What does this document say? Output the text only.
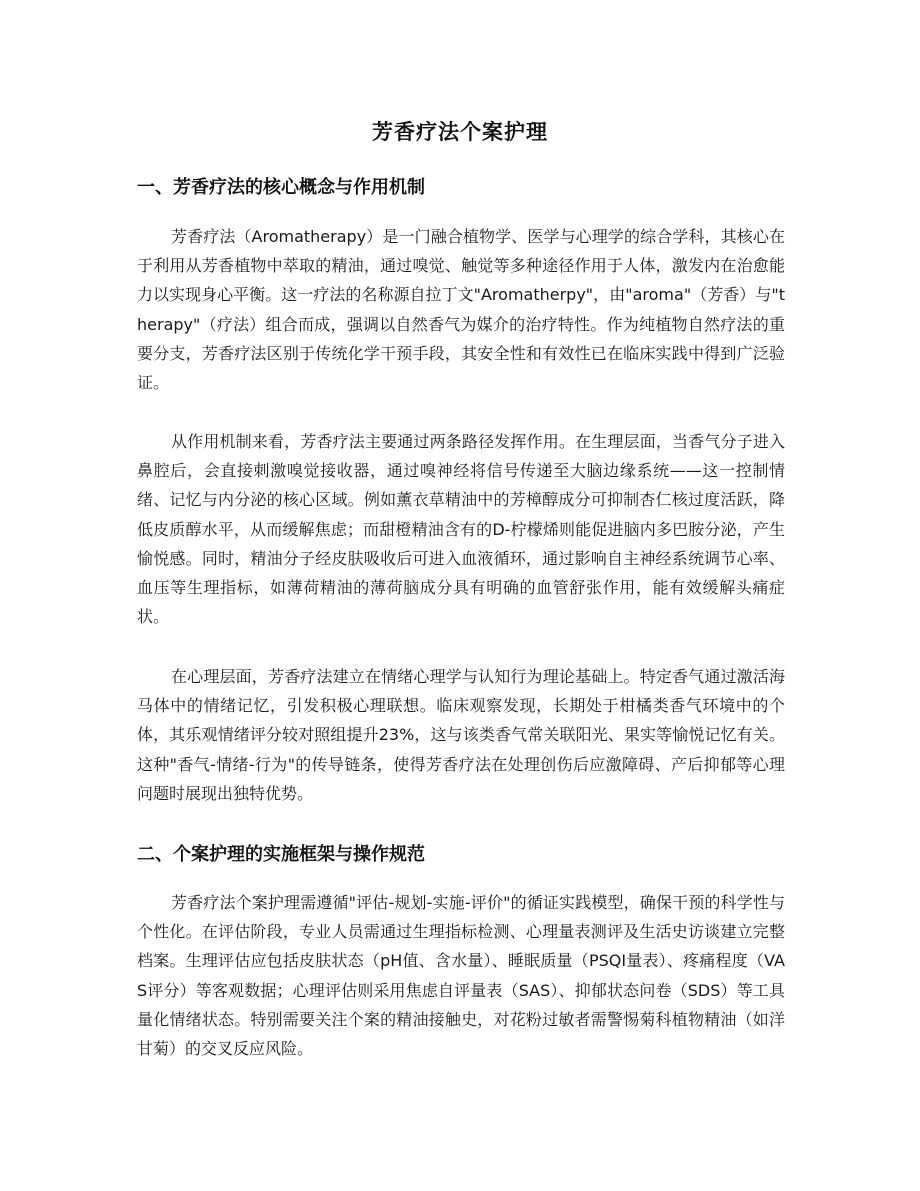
芳香疗法个案护理
一、芳香疗法的核心概念与作用机制

芳香疗法（Aromatherapy）是一门融合植物学、医学与心理学的综合学科，其核心在于利用从芳香植物中萃取的精油，通过嗅觉、触觉等多种途径作用于人体，激发内在治愈能力以实现身心平衡。这一疗法的名称源自拉丁文"Aromatherpy"，由"aroma"（芳香）与"therapy"（疗法）组合而成，强调以自然香气为媒介的治疗特性。作为纯植物自然疗法的重要分支，芳香疗法区别于传统化学干预手段，其安全性和有效性已在临床实践中得到广泛验证。

从作用机制来看，芳香疗法主要通过两条路径发挥作用。在生理层面，当香气分子进入鼻腔后，会直接刺激嗅觉接收器，通过嗅神经将信号传递至大脑边缘系统——这一控制情绪、记忆与内分泌的核心区域。例如薰衣草精油中的芳樟醇成分可抑制杏仁核过度活跃，降低皮质醇水平，从而缓解焦虑；而甜橙精油含有的D-柠檬烯则能促进脑内多巴胺分泌，产生愉悦感。同时，精油分子经皮肤吸收后可进入血液循环，通过影响自主神经系统调节心率、血压等生理指标，如薄荷精油的薄荷脑成分具有明确的血管舒张作用，能有效缓解头痛症状。

在心理层面，芳香疗法建立在情绪心理学与认知行为理论基础上。特定香气通过激活海马体中的情绪记忆，引发积极心理联想。临床观察发现，长期处于柑橘类香气环境中的个体，其乐观情绪评分较对照组提升23%，这与该类香气常关联阳光、果实等愉悦记忆有关。这种"香气-情绪-行为"的传导链条，使得芳香疗法在处理创伤后应激障碍、产后抑郁等心理问题时展现出独特优势。

二、个案护理的实施框架与操作规范

芳香疗法个案护理需遵循"评估-规划-实施-评价"的循证实践模型，确保干预的科学性与个性化。在评估阶段，专业人员需通过生理指标检测、心理量表测评及生活史访谈建立完整档案。生理评估应包括皮肤状态（pH值、含水量）、睡眠质量（PSQI量表）、疼痛程度（VAS评分）等客观数据；心理评估则采用焦虑自评量表（SAS）、抑郁状态问卷（SDS）等工具量化情绪状态。特别需要关注个案的精油接触史，对花粉过敏者需警惕菊科植物精油（如洋甘菊）的交叉反应风险。
